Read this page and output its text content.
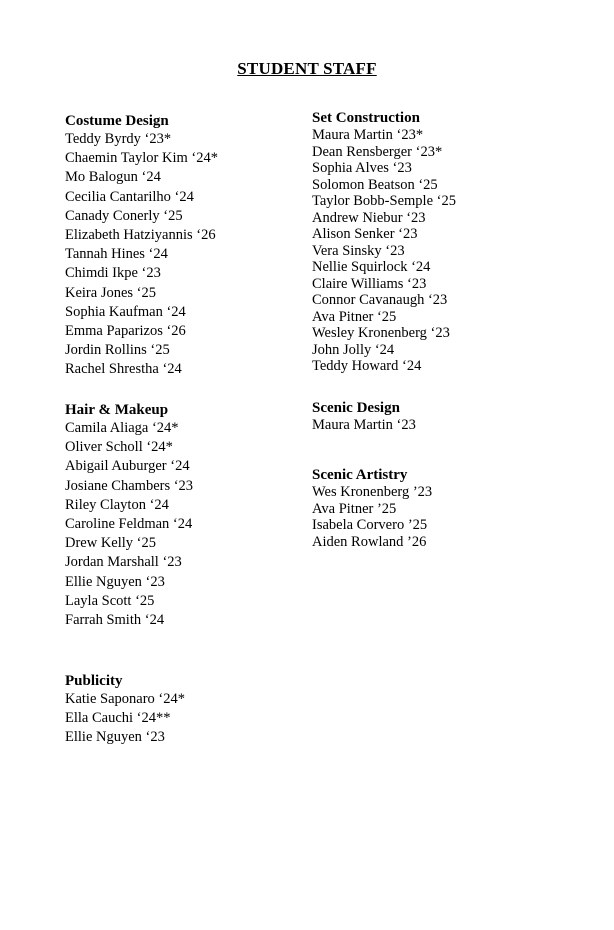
STUDENT STAFF
Costume Design
Teddy Byrdy ‘23*
Chaemin Taylor Kim ‘24*
Mo Balogun ‘24
Cecilia Cantarilho ‘24
Canady Conerly ‘25
Elizabeth Hatziyannis ‘26
Tannah Hines ‘24
Chimdi Ikpe ‘23
Keira Jones ‘25
Sophia Kaufman ‘24
Emma Paparizos ‘26
Jordin Rollins ‘25
Rachel Shrestha ‘24
Hair & Makeup
Camila Aliaga ‘24*
Oliver Scholl ‘24*
Abigail Auburger ‘24
Josiane Chambers ‘23
Riley Clayton ‘24
Caroline Feldman ‘24
Drew Kelly ‘25
Jordan Marshall ‘23
Ellie Nguyen ‘23
Layla Scott ‘25
Farrah Smith ‘24
Publicity
Katie Saponaro ‘24*
Ella Cauchi ‘24**
Ellie Nguyen ‘23
Set Construction
Maura Martin ‘23*
Dean Rensberger ‘23*
Sophia Alves ‘23
Solomon Beatson ‘25
Taylor Bobb-Semple ‘25
Andrew Niebur ‘23
Alison Senker ‘23
Vera Sinsky ‘23
Nellie Squirlock ‘24
Claire Williams ‘23
Connor Cavanaugh ‘23
Ava Pitner ‘25
Wesley Kronenberg ‘23
John Jolly ‘24
Teddy Howard ‘24
Scenic Design
Maura Martin ‘23
Scenic Artistry
Wes Kronenberg ’23
Ava Pitner ’25
Isabela Corvero ’25
Aiden Rowland ’26
